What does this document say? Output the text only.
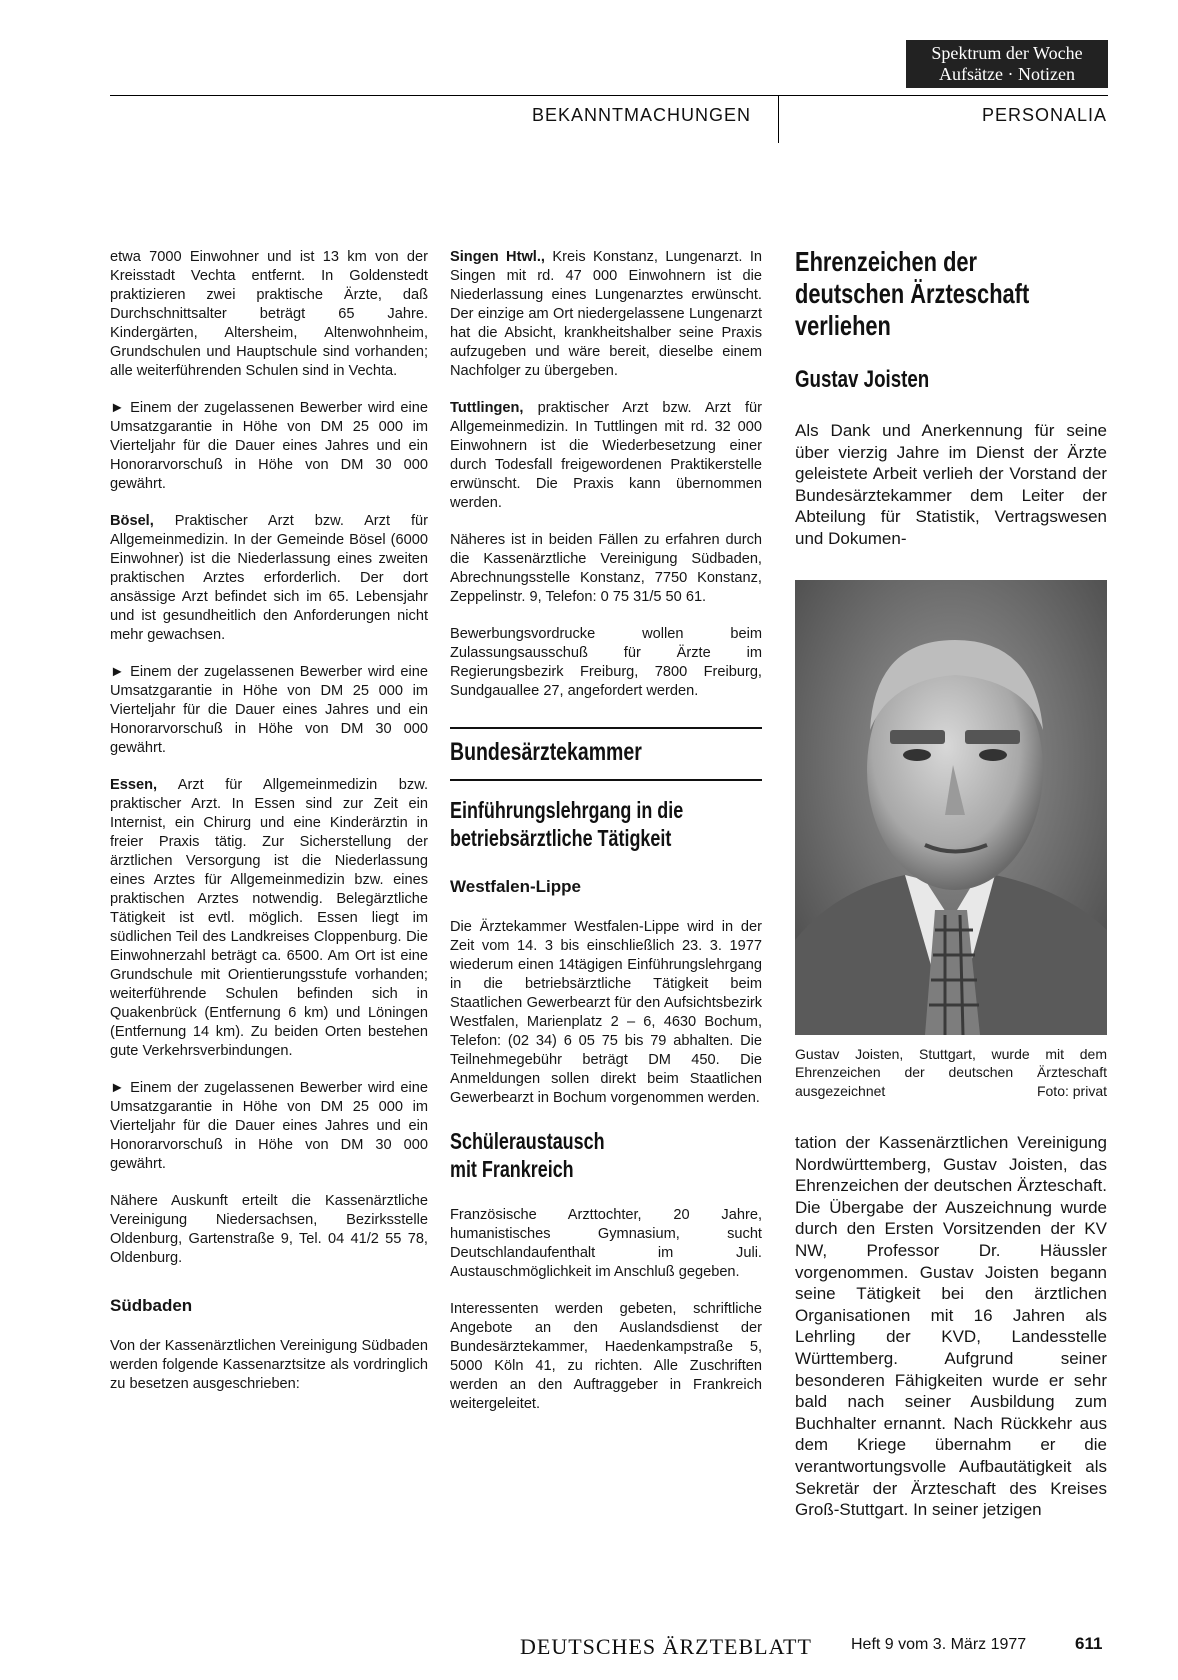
Spektrum der Woche
Aufsätze · Notizen
BEKANNTMACHUNGEN	PERSONALIA

etwa 7000 Einwohner und ist 13 km von der Kreisstadt Vechta entfernt. In Goldenstedt praktizieren zwei praktische Ärzte, daß Durchschnittsalter beträgt 65 Jahre. Kindergärten, Altersheim, Altenwohnheim, Grundschulen und Hauptschule sind vorhanden; alle weiterführenden Schulen sind in Vechta.

► Einem der zugelassenen Bewerber wird eine Umsatzgarantie in Höhe von DM 25 000 im Vierteljahr für die Dauer eines Jahres und ein Honorarvorschuß in Höhe von DM 30 000 gewährt.

Bösel, Praktischer Arzt bzw. Arzt für Allgemeinmedizin. In der Gemeinde Bösel (6000 Einwohner) ist die Niederlassung eines zweiten praktischen Arztes erforderlich. Der dort ansässige Arzt befindet sich im 65. Lebensjahr und ist gesundheitlich den Anforderungen nicht mehr gewachsen.

► Einem der zugelassenen Bewerber wird eine Umsatzgarantie in Höhe von DM 25 000 im Vierteljahr für die Dauer eines Jahres und ein Honorarvorschuß in Höhe von DM 30 000 gewährt.

Essen, Arzt für Allgemeinmedizin bzw. praktischer Arzt. In Essen sind zur Zeit ein Internist, ein Chirurg und eine Kinderärztin in freier Praxis tätig. Zur Sicherstellung der ärztlichen Versorgung ist die Niederlassung eines Arztes für Allgemeinmedizin bzw. eines praktischen Arztes notwendig. Belegärztliche Tätigkeit ist evtl. möglich. Essen liegt im südlichen Teil des Landkreises Cloppenburg. Die Einwohnerzahl beträgt ca. 6500. Am Ort ist eine Grundschule mit Orientierungsstufe vorhanden; weiterführende Schulen befinden sich in Quakenbrück (Entfernung 6 km) und Löningen (Entfernung 14 km). Zu beiden Orten bestehen gute Verkehrsverbindungen.

► Einem der zugelassenen Bewerber wird eine Umsatzgarantie in Höhe von DM 25 000 im Vierteljahr für die Dauer eines Jahres und ein Honorarvorschuß in Höhe von DM 30 000 gewährt.

Nähere Auskunft erteilt die Kassenärztliche Vereinigung Niedersachsen, Bezirksstelle Oldenburg, Gartenstraße 9, Tel. 04 41/2 55 78, Oldenburg.

Südbaden

Von der Kassenärztlichen Vereinigung Südbaden werden folgende Kassenarztsitze als vordringlich zu besetzen ausgeschrieben:

Singen Htwl., Kreis Konstanz, Lungenarzt. In Singen mit rd. 47 000 Einwohnern ist die Niederlassung eines Lungenarztes erwünscht. Der einzige am Ort niedergelassene Lungenarzt hat die Absicht, krankheitshalber seine Praxis aufzugeben und wäre bereit, dieselbe einem Nachfolger zu übergeben.

Tuttlingen, praktischer Arzt bzw. Arzt für Allgemeinmedizin. In Tuttlingen mit rd. 32 000 Einwohnern ist die Wiederbesetzung einer durch Todesfall freigewordenen Praktikerstelle erwünscht. Die Praxis kann übernommen werden.

Näheres ist in beiden Fällen zu erfahren durch die Kassenärztliche Vereinigung Südbaden, Abrechnungsstelle Konstanz, 7750 Konstanz, Zeppelinstr. 9, Telefon: 0 75 31/5 50 61.

Bewerbungsvordrucke wollen beim Zulassungsausschuß für Ärzte im Regierungsbezirk Freiburg, 7800 Freiburg, Sundgauallee 27, angefordert werden.

Bundesärztekammer
Einführungslehrgang in die
betriebsärztliche Tätigkeit
Westfalen-Lippe

Die Ärztekammer Westfalen-Lippe wird in der Zeit vom 14. 3 bis einschließlich 23. 3. 1977 wiederum einen 14tägigen Einführungslehrgang in die betriebsärztliche Tätigkeit beim Staatlichen Gewerbearzt für den Aufsichtsbezirk Westfalen, Marienplatz 2 – 6, 4630 Bochum, Telefon: (02 34) 6 05 75 bis 79 abhalten. Die Teilnehmegebühr beträgt DM 450. Die Anmeldungen sollen direkt beim Staatlichen Gewerbearzt in Bochum vorgenommen werden.

Schüleraustausch
mit Frankreich

Französische Arzttochter, 20 Jahre, humanistisches Gymnasium, sucht Deutschlandaufenthalt im Juli. Austauschmöglichkeit im Anschluß gegeben.

Interessenten werden gebeten, schriftliche Angebote an den Auslandsdienst der Bundesärztekammer, Haedenkampstraße 5, 5000 Köln 41, zu richten. Alle Zuschriften werden an den Auftraggeber in Frankreich weitergeleitet.

Ehrenzeichen der
deutschen Ärzteschaft
verliehen
Gustav Joisten

Als Dank und Anerkennung für seine über vierzig Jahre im Dienst der Ärzte geleistete Arbeit verlieh der Vorstand der Bundesärztekammer dem Leiter der Abteilung für Statistik, Vertragswesen und Dokumen-

Gustav Joisten, Stuttgart, wurde mit dem Ehrenzeichen der deutschen Ärzteschaft ausgezeichnet	Foto: privat

tation der Kassenärztlichen Vereinigung Nordwürttemberg, Gustav Joisten, das Ehrenzeichen der deutschen Ärzteschaft. Die Übergabe der Auszeichnung wurde durch den Ersten Vorsitzenden der KV NW, Professor Dr. Häussler vorgenommen. Gustav Joisten begann seine Tätigkeit bei den ärztlichen Organisationen mit 16 Jahren als Lehrling der KVD, Landesstelle Württemberg. Aufgrund seiner besonderen Fähigkeiten wurde er sehr bald nach seiner Ausbildung zum Buchhalter ernannt. Nach Rückkehr aus dem Kriege übernahm er die verantwortungsvolle Aufbautätigkeit als Sekretär der Ärzteschaft des Kreises Groß-Stuttgart. In seiner jetzigen

DEUTSCHES ÄRZTEBLATT Heft 9 vom 3. März 1977	611
